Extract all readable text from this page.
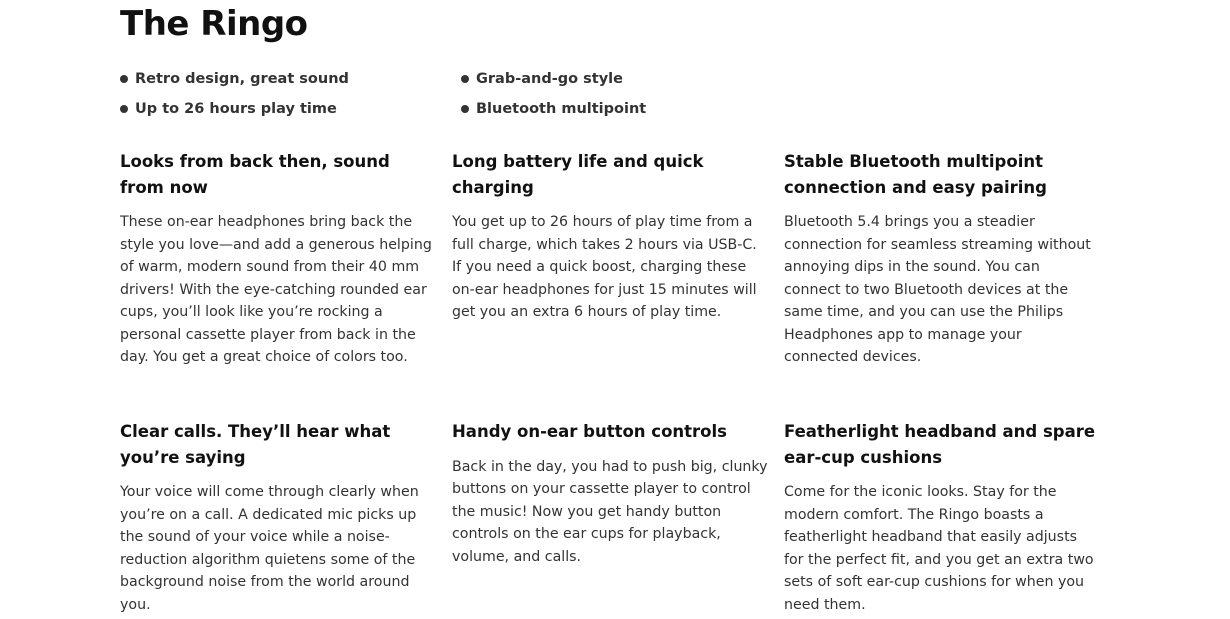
The Ringo
Retro design, great sound	Grab-and-go style
Up to 26 hours play time	Bluetooth multipoint
Looks from back then, sound from now

These on-ear headphones bring back the style you love—and add a generous helping of warm, modern sound from their 40 mm drivers! With the eye-catching rounded ear cups, you’ll look like you’re rocking a personal cassette player from back in the day. You get a great choice of colors too.

Long battery life and quick charging

You get up to 26 hours of play time from a full charge, which takes 2 hours via USB-C. If you need a quick boost, charging these on-ear headphones for just 15 minutes will get you an extra 6 hours of play time.

Stable Bluetooth multipoint connection and easy pairing

Bluetooth 5.4 brings you a steadier connection for seamless streaming without annoying dips in the sound. You can connect to two Bluetooth devices at the same time, and you can use the Philips Headphones app to manage your connected devices.

Clear calls. They’ll hear what you’re saying

Your voice will come through clearly when you’re on a call. A dedicated mic picks up the sound of your voice while a noise-reduction algorithm quietens some of the background noise from the world around you.

Handy on-ear button controls

Back in the day, you had to push big, clunky buttons on your cassette player to control the music! Now you get handy button controls on the ear cups for playback, volume, and calls.

Featherlight headband and spare ear-cup cushions

Come for the iconic looks. Stay for the modern comfort. The Ringo boasts a featherlight headband that easily adjusts for the perfect fit, and you get an extra two sets of soft ear-cup cushions for when you need them.
